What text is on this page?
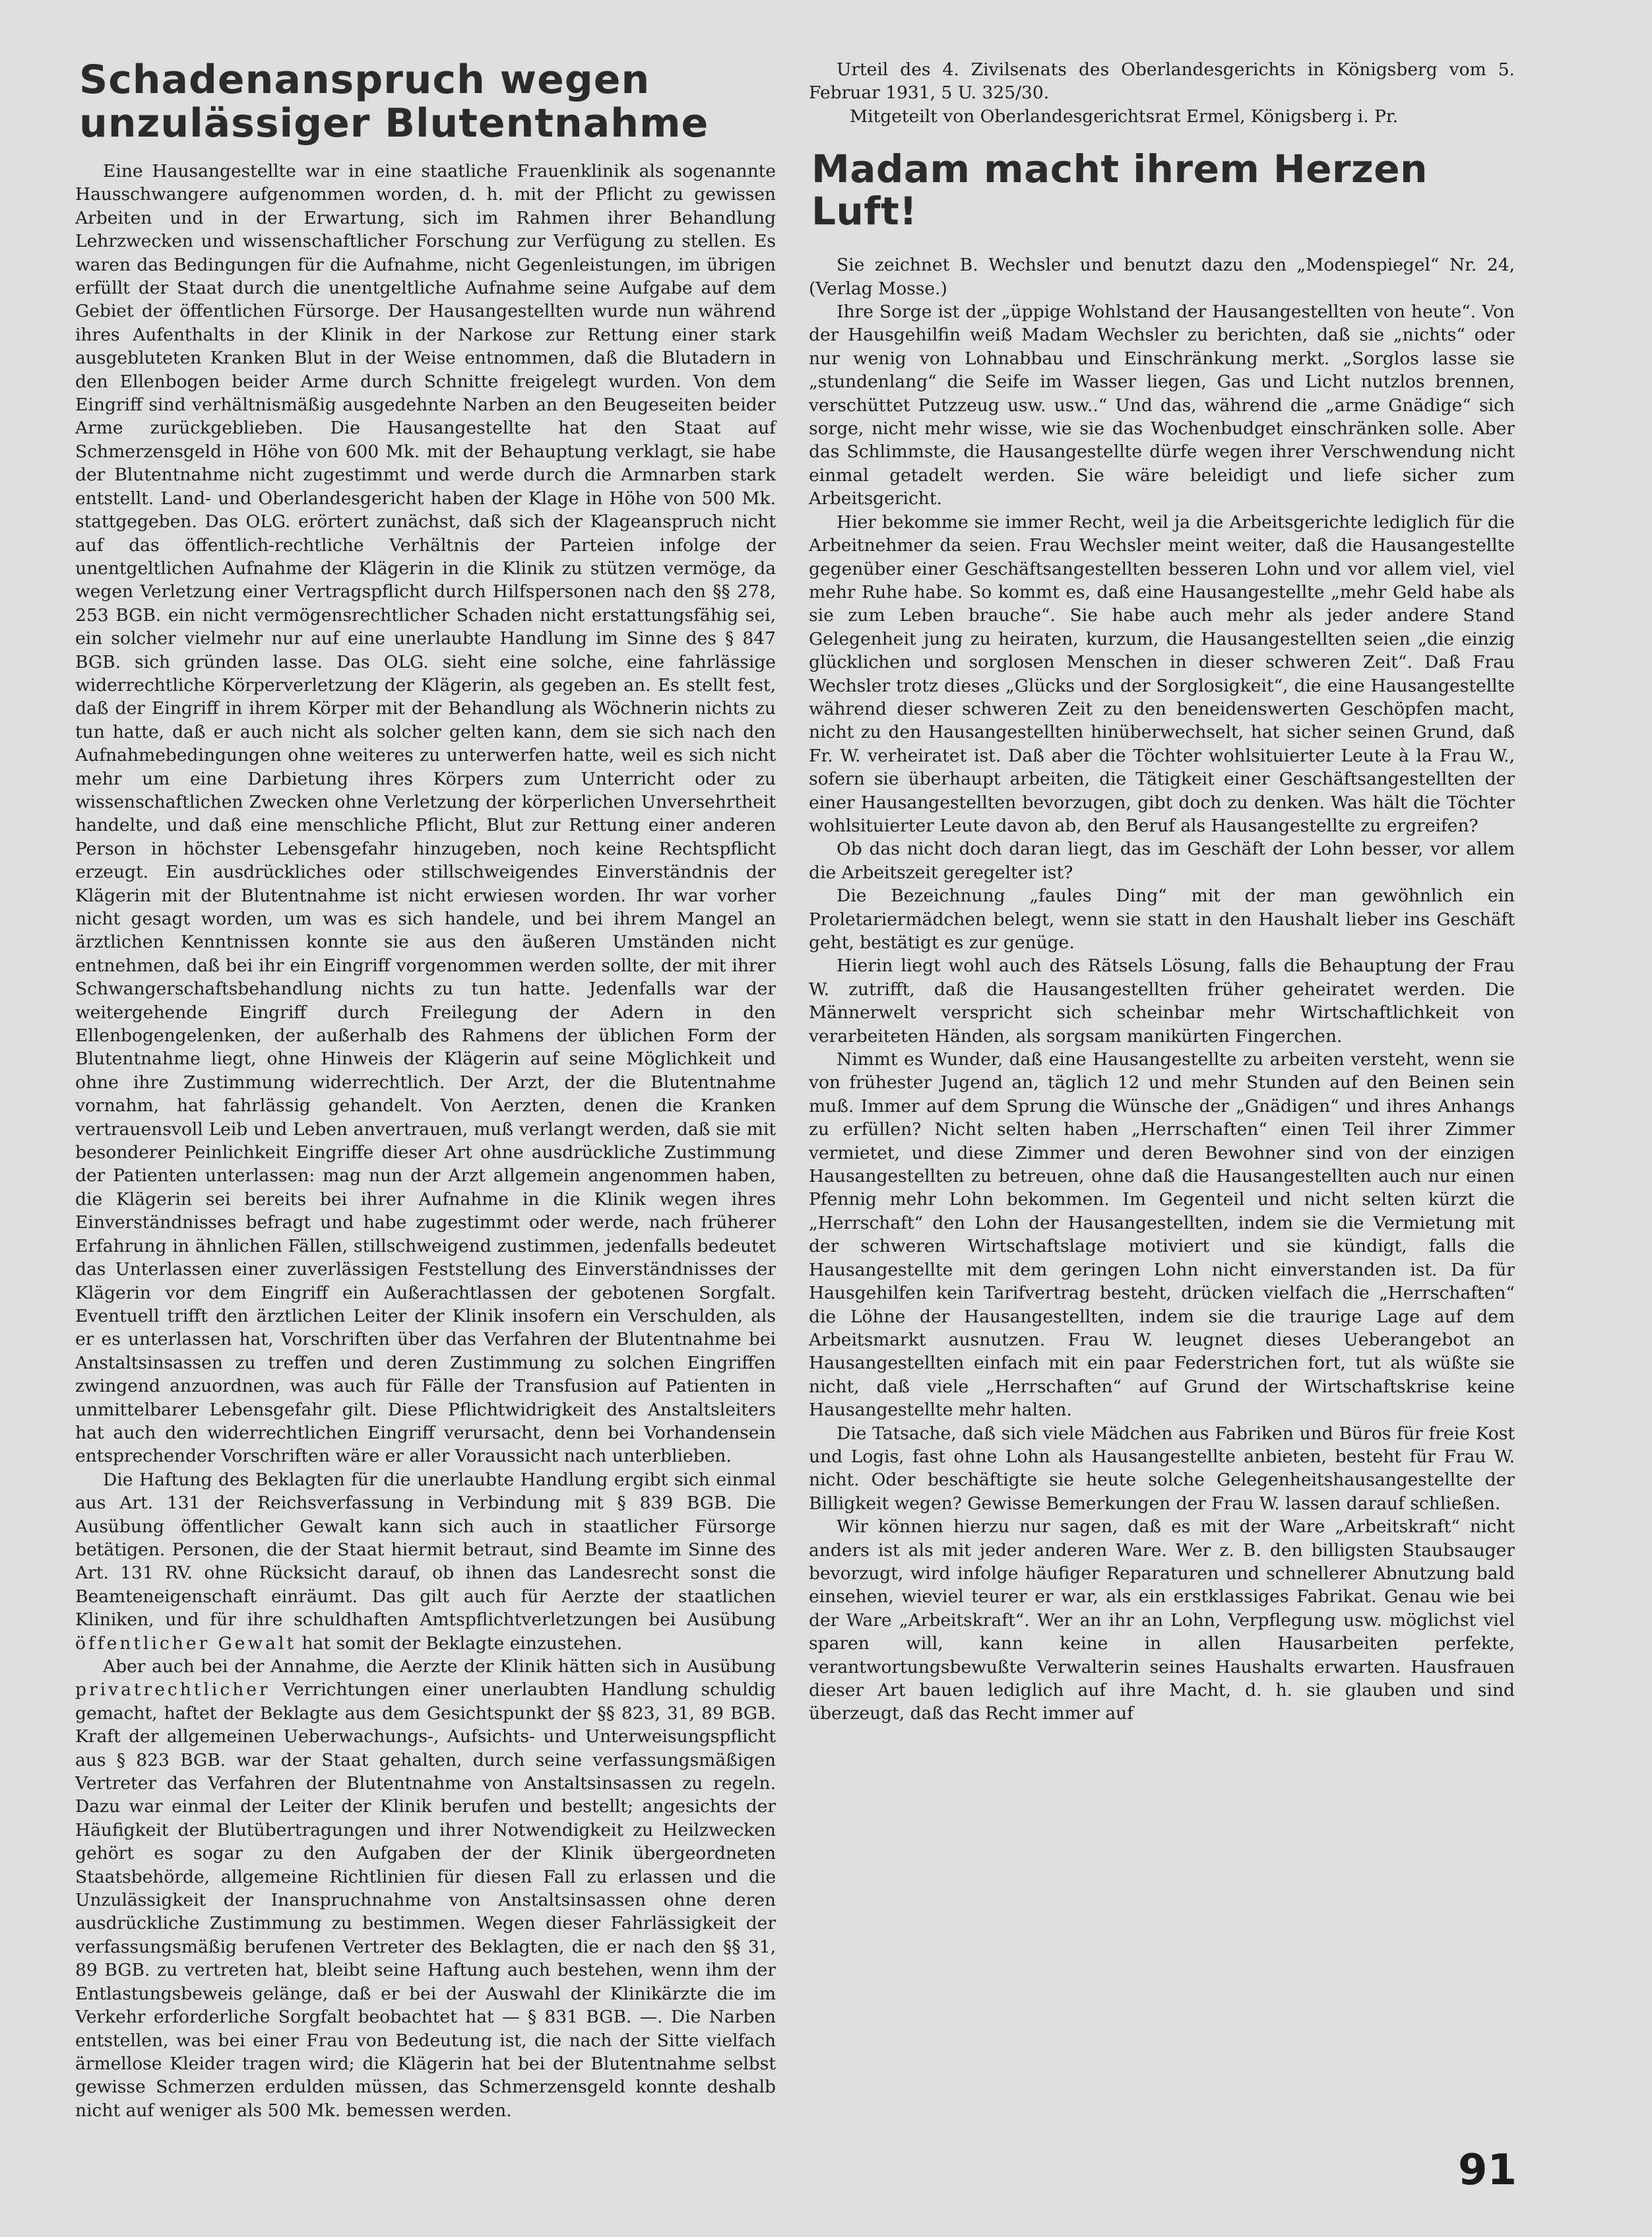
Schadenanspruch wegen
unzulässiger Blutentnahme

Eine Hausangestellte war in eine staatliche Frauenklinik als sogenannte Hausschwangere aufgenommen worden, d. h. mit der Pflicht zu gewissen Arbeiten und in der Erwartung, sich im Rahmen ihrer Behandlung Lehrzwecken und wissenschaftlicher Forschung zur Verfügung zu stellen. Es waren das Bedingungen für die Aufnahme, nicht Gegenleistungen, im übrigen erfüllt der Staat durch die unentgeltliche Aufnahme seine Aufgabe auf dem Gebiet der öffentlichen Fürsorge. Der Hausangestellten wurde nun während ihres Aufenthalts in der Klinik in der Narkose zur Rettung einer stark ausgebluteten Kranken Blut in der Weise entnommen, daß die Blutadern in den Ellenbogen beider Arme durch Schnitte freigelegt wurden. Von dem Eingriff sind verhältnismäßig ausgedehnte Narben an den Beugeseiten beider Arme zurückgeblieben. Die Hausangestellte hat den Staat auf Schmerzensgeld in Höhe von 600 Mk. mit der Behauptung verklagt, sie habe der Blutentnahme nicht zugestimmt und werde durch die Armnarben stark entstellt. Land- und Oberlandesgericht haben der Klage in Höhe von 500 Mk. stattgegeben. Das OLG. erörtert zunächst, daß sich der Klageanspruch nicht auf das öffentlich-rechtliche Verhältnis der Parteien infolge der unentgeltlichen Aufnahme der Klägerin in die Klinik zu stützen vermöge, da wegen Verletzung einer Vertragspflicht durch Hilfspersonen nach den §§ 278, 253 BGB. ein nicht vermögensrechtlicher Schaden nicht erstattungsfähig sei, ein solcher vielmehr nur auf eine unerlaubte Handlung im Sinne des § 847 BGB. sich gründen lasse. Das OLG. sieht eine solche, eine fahrlässige widerrechtliche Körperverletzung der Klägerin, als gegeben an. Es stellt fest, daß der Eingriff in ihrem Körper mit der Behandlung als Wöchnerin nichts zu tun hatte, daß er auch nicht als solcher gelten kann, dem sie sich nach den Aufnahmebedingungen ohne weiteres zu unterwerfen hatte, weil es sich nicht mehr um eine Darbietung ihres Körpers zum Unterricht oder zu wissenschaftlichen Zwecken ohne Verletzung der körperlichen Unversehrtheit handelte, und daß eine menschliche Pflicht, Blut zur Rettung einer anderen Person in höchster Lebensgefahr hinzugeben, noch keine Rechtspflicht erzeugt. Ein ausdrückliches oder stillschweigendes Einverständnis der Klägerin mit der Blutentnahme ist nicht erwiesen worden. Ihr war vorher nicht gesagt worden, um was es sich handele, und bei ihrem Mangel an ärztlichen Kenntnissen konnte sie aus den äußeren Umständen nicht entnehmen, daß bei ihr ein Eingriff vorgenommen werden sollte, der mit ihrer Schwangerschaftsbehandlung nichts zu tun hatte. Jedenfalls war der weitergehende Eingriff durch Freilegung der Adern in den Ellenbogengelenken, der außerhalb des Rahmens der üblichen Form der Blutentnahme liegt, ohne Hinweis der Klägerin auf seine Möglichkeit und ohne ihre Zustimmung widerrechtlich. Der Arzt, der die Blutentnahme vornahm, hat fahrlässig gehandelt. Von Aerzten, denen die Kranken vertrauensvoll Leib und Leben anvertrauen, muß verlangt werden, daß sie mit besonderer Peinlichkeit Eingriffe dieser Art ohne ausdrückliche Zustimmung der Patienten unterlassen: mag nun der Arzt allgemein angenommen haben, die Klägerin sei bereits bei ihrer Aufnahme in die Klinik wegen ihres Einverständnisses befragt und habe zugestimmt oder werde, nach früherer Erfahrung in ähnlichen Fällen, stillschweigend zustimmen, jedenfalls bedeutet das Unterlassen einer zuverlässigen Feststellung des Einverständnisses der Klägerin vor dem Eingriff ein Außerachtlassen der gebotenen Sorgfalt. Eventuell trifft den ärztlichen Leiter der Klinik insofern ein Verschulden, als er es unterlassen hat, Vorschriften über das Verfahren der Blutentnahme bei Anstaltsinsassen zu treffen und deren Zustimmung zu solchen Eingriffen zwingend anzuordnen, was auch für Fälle der Transfusion auf Patienten in unmittelbarer Lebensgefahr gilt. Diese Pflichtwidrigkeit des Anstaltsleiters hat auch den widerrechtlichen Eingriff verursacht, denn bei Vorhandensein entsprechender Vorschriften wäre er aller Voraussicht nach unterblieben.

Die Haftung des Beklagten für die unerlaubte Handlung ergibt sich einmal aus Art. 131 der Reichsverfassung in Verbindung mit § 839 BGB. Die Ausübung öffentlicher Gewalt kann sich auch in staatlicher Fürsorge betätigen. Personen, die der Staat hiermit betraut, sind Beamte im Sinne des Art. 131 RV. ohne Rücksicht darauf, ob ihnen das Landesrecht sonst die Beamteneigenschaft einräumt. Das gilt auch für Aerzte der staatlichen Kliniken, und für ihre schuldhaften Amtspflichtverletzungen bei Ausübung öffentlicher Gewalt hat somit der Beklagte einzustehen.

Aber auch bei der Annahme, die Aerzte der Klinik hätten sich in Ausübung privatrechtlicher Verrichtungen einer unerlaubten Handlung schuldig gemacht, haftet der Beklagte aus dem Gesichtspunkt der §§ 823, 31, 89 BGB. Kraft der allgemeinen Ueberwachungs-, Aufsichts- und Unterweisungspflicht aus § 823 BGB. war der Staat gehalten, durch seine verfassungsmäßigen Vertreter das Verfahren der Blutentnahme von Anstaltsinsassen zu regeln. Dazu war einmal der Leiter der Klinik berufen und bestellt; angesichts der Häufigkeit der Blutübertragungen und ihrer Notwendigkeit zu Heilzwecken gehört es sogar zu den Aufgaben der der Klinik übergeordneten Staatsbehörde, allgemeine Richtlinien für diesen Fall zu erlassen und die Unzulässigkeit der Inanspruchnahme von Anstaltsinsassen ohne deren ausdrückliche Zustimmung zu bestimmen. Wegen dieser Fahrlässigkeit der verfassungsmäßig berufenen Vertreter des Beklagten, die er nach den §§ 31, 89 BGB. zu vertreten hat, bleibt seine Haftung auch bestehen, wenn ihm der Entlastungsbeweis gelänge, daß er bei der Auswahl der Klinikärzte die im Verkehr erforderliche Sorgfalt beobachtet hat — § 831 BGB. —. Die Narben entstellen, was bei einer Frau von Bedeutung ist, die nach der Sitte vielfach ärmellose Kleider tragen wird; die Klägerin hat bei der Blutentnahme selbst gewisse Schmerzen erdulden müssen, das Schmerzensgeld konnte deshalb nicht auf weniger als 500 Mk. bemessen werden.

Urteil des 4. Zivilsenats des Oberlandesgerichts in Königsberg vom 5. Februar 1931, 5 U. 325/30.

Mitgeteilt von Oberlandesgerichtsrat Ermel, Königsberg i. Pr.

Madam macht ihrem Herzen Luft!

Sie zeichnet B. Wechsler und benutzt dazu den „Modenspiegel“ Nr. 24, (Verlag Mosse.)

Ihre Sorge ist der „üppige Wohlstand der Hausangestellten von heute“. Von der Hausgehilfin weiß Madam Wechsler zu berichten, daß sie „nichts“ oder nur wenig von Lohnabbau und Einschränkung merkt. „Sorglos lasse sie „stundenlang“ die Seife im Wasser liegen, Gas und Licht nutzlos brennen, verschüttet Putzzeug usw. usw..“ Und das, während die „arme Gnädige“ sich sorge, nicht mehr wisse, wie sie das Wochenbudget einschränken solle. Aber das Schlimmste, die Hausangestellte dürfe wegen ihrer Verschwendung nicht einmal getadelt werden. Sie wäre beleidigt und liefe sicher zum Arbeitsgericht.

Hier bekomme sie immer Recht, weil ja die Arbeitsgerichte lediglich für die Arbeitnehmer da seien. Frau Wechsler meint weiter, daß die Hausangestellte gegenüber einer Geschäftsangestellten besseren Lohn und vor allem viel, viel mehr Ruhe habe. So kommt es, daß eine Hausangestellte „mehr Geld habe als sie zum Leben brauche“. Sie habe auch mehr als jeder andere Stand Gelegenheit jung zu heiraten, kurzum, die Hausangestellten seien „die einzig glücklichen und sorglosen Menschen in dieser schweren Zeit“. Daß Frau Wechsler trotz dieses „Glücks und der Sorglosigkeit“, die eine Hausangestellte während dieser schweren Zeit zu den beneidenswerten Geschöpfen macht, nicht zu den Hausangestellten hinüberwechselt, hat sicher seinen Grund, daß Fr. W. verheiratet ist. Daß aber die Töchter wohlsituierter Leute à la Frau W., sofern sie überhaupt arbeiten, die Tätigkeit einer Geschäftsangestellten der einer Hausangestellten bevorzugen, gibt doch zu denken. Was hält die Töchter wohlsituierter Leute davon ab, den Beruf als Hausangestellte zu ergreifen?

Ob das nicht doch daran liegt, das im Geschäft der Lohn besser, vor allem die Arbeitszeit geregelter ist?

Die Bezeichnung „faules Ding“ mit der man gewöhnlich ein Proletariermädchen belegt, wenn sie statt in den Haushalt lieber ins Geschäft geht, bestätigt es zur genüge.

Hierin liegt wohl auch des Rätsels Lösung, falls die Behauptung der Frau W. zutrifft, daß die Hausangestellten früher geheiratet werden. Die Männerwelt verspricht sich scheinbar mehr Wirtschaftlichkeit von verarbeiteten Händen, als sorgsam manikürten Fingerchen.

Nimmt es Wunder, daß eine Hausangestellte zu arbeiten versteht, wenn sie von frühester Jugend an, täglich 12 und mehr Stunden auf den Beinen sein muß. Immer auf dem Sprung die Wünsche der „Gnädigen“ und ihres Anhangs zu erfüllen? Nicht selten haben „Herrschaften“ einen Teil ihrer Zimmer vermietet, und diese Zimmer und deren Bewohner sind von der einzigen Hausangestellten zu betreuen, ohne daß die Hausangestellten auch nur einen Pfennig mehr Lohn bekommen. Im Gegenteil und nicht selten kürzt die „Herrschaft“ den Lohn der Hausangestellten, indem sie die Vermietung mit der schweren Wirtschaftslage motiviert und sie kündigt, falls die Hausangestellte mit dem geringen Lohn nicht einverstanden ist. Da für Hausgehilfen kein Tarifvertrag besteht, drücken vielfach die „Herrschaften“ die Löhne der Hausangestellten, indem sie die traurige Lage auf dem Arbeitsmarkt ausnutzen. Frau W. leugnet dieses Ueberangebot an Hausangestellten einfach mit ein paar Federstrichen fort, tut als wüßte sie nicht, daß viele „Herrschaften“ auf Grund der Wirtschaftskrise keine Hausangestellte mehr halten.

Die Tatsache, daß sich viele Mädchen aus Fabriken und Büros für freie Kost und Logis, fast ohne Lohn als Hausangestellte anbieten, besteht für Frau W. nicht. Oder beschäftigte sie heute solche Gelegenheitshausangestellte der Billigkeit wegen? Gewisse Bemerkungen der Frau W. lassen darauf schließen.

Wir können hierzu nur sagen, daß es mit der Ware „Arbeitskraft“ nicht anders ist als mit jeder anderen Ware. Wer z. B. den billigsten Staubsauger bevorzugt, wird infolge häufiger Reparaturen und schnellerer Abnutzung bald einsehen, wieviel teurer er war, als ein erstklassiges Fabrikat. Genau wie bei der Ware „Arbeitskraft“. Wer an ihr an Lohn, Verpflegung usw. möglichst viel sparen will, kann keine in allen Hausarbeiten perfekte, verantwortungsbewußte Verwalterin seines Haushalts erwarten. Hausfrauen dieser Art bauen lediglich auf ihre Macht, d. h. sie glauben und sind überzeugt, daß das Recht immer auf

91
